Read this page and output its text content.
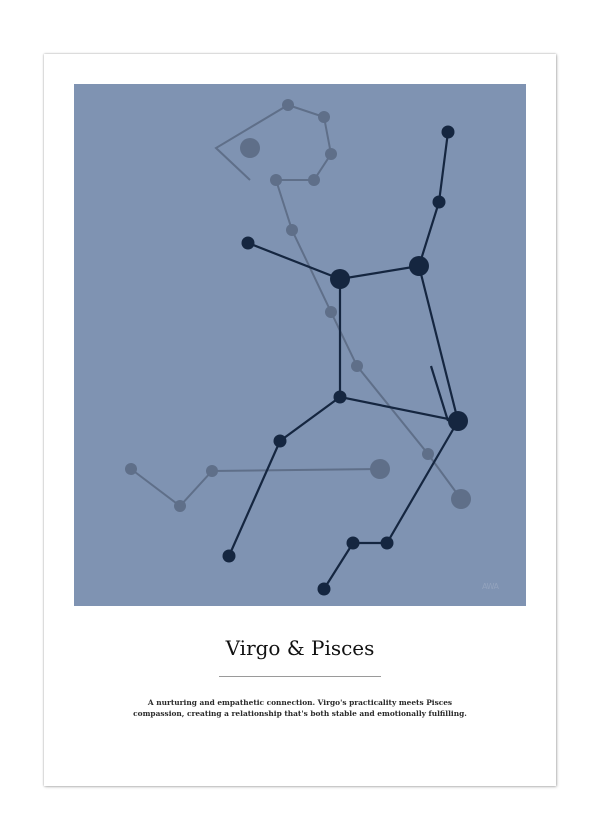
AWA
Virgo & Pisces
A nurturing and empathetic connection. Virgo's practicality meets Pisces
compassion, creating a relationship that's both stable and emotionally fulfilling.
